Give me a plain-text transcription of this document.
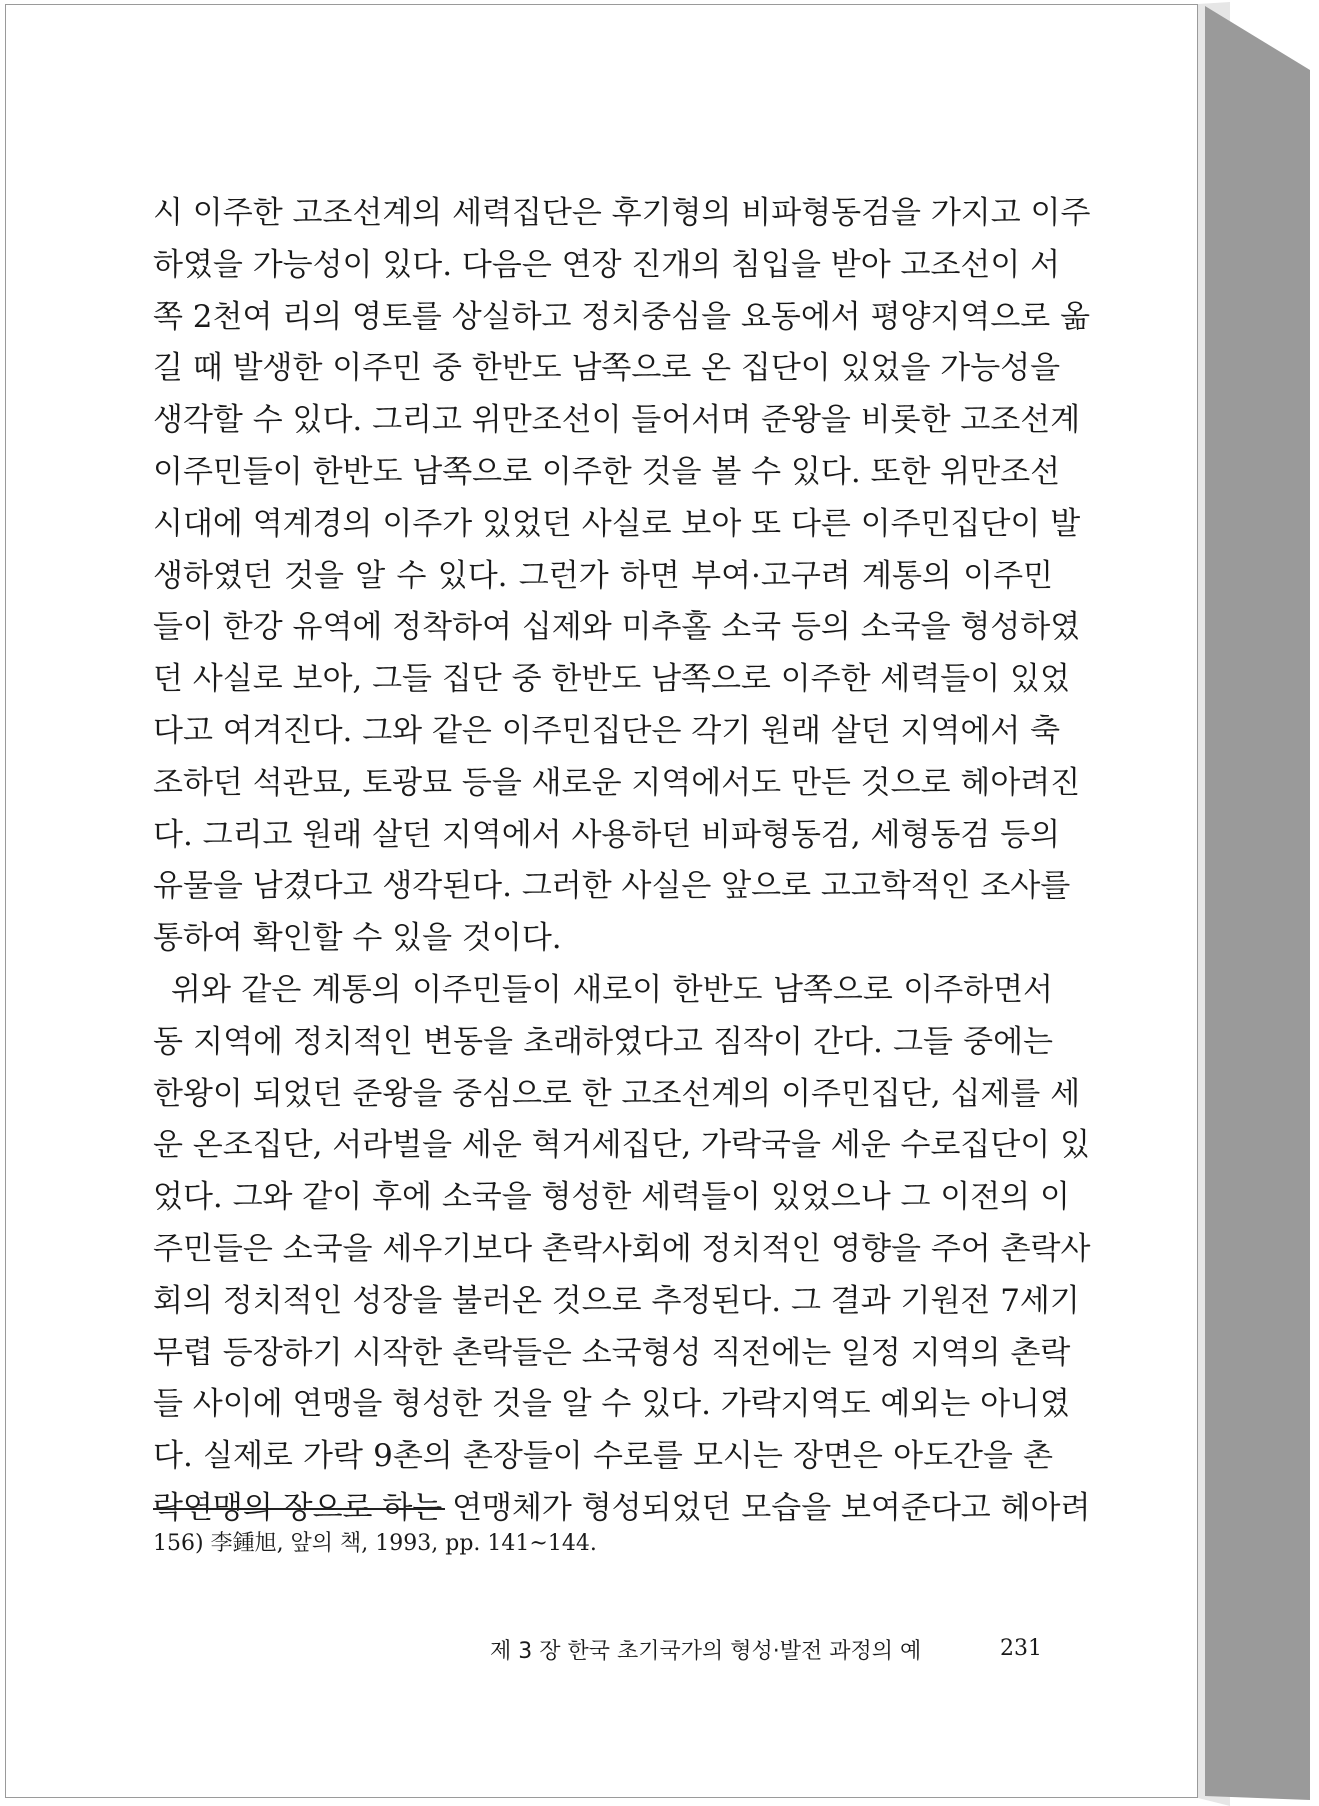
시 이주한 고조선계의 세력집단은 후기형의 비파형동검을 가지고 이주
하였을 가능성이 있다. 다음은 연장 진개의 침입을 받아 고조선이 서
쪽 2천여 리의 영토를 상실하고 정치중심을 요동에서 평양지역으로 옮
길 때 발생한 이주민 중 한반도 남쪽으로 온 집단이 있었을 가능성을
생각할 수 있다. 그리고 위만조선이 들어서며 준왕을 비롯한 고조선계
이주민들이 한반도 남쪽으로 이주한 것을 볼 수 있다. 또한 위만조선
시대에 역계경의 이주가 있었던 사실로 보아 또 다른 이주민집단이 발
생하였던 것을 알 수 있다. 그런가 하면 부여·고구려 계통의 이주민
들이 한강 유역에 정착하여 십제와 미추홀 소국 등의 소국을 형성하였
던 사실로 보아, 그들 집단 중 한반도 남쪽으로 이주한 세력들이 있었
다고 여겨진다. 그와 같은 이주민집단은 각기 원래 살던 지역에서 축
조하던 석관묘, 토광묘 등을 새로운 지역에서도 만든 것으로 헤아려진
다. 그리고 원래 살던 지역에서 사용하던 비파형동검, 세형동검 등의
유물을 남겼다고 생각된다. 그러한 사실은 앞으로 고고학적인 조사를
통하여 확인할 수 있을 것이다.
위와 같은 계통의 이주민들이 새로이 한반도 남쪽으로 이주하면서
동 지역에 정치적인 변동을 초래하였다고 짐작이 간다. 그들 중에는
한왕이 되었던 준왕을 중심으로 한 고조선계의 이주민집단, 십제를 세
운 온조집단, 서라벌을 세운 혁거세집단, 가락국을 세운 수로집단이 있
었다. 그와 같이 후에 소국을 형성한 세력들이 있었으나 그 이전의 이
주민들은 소국을 세우기보다 촌락사회에 정치적인 영향을 주어 촌락사
회의 정치적인 성장을 불러온 것으로 추정된다. 그 결과 기원전 7세기
무렵 등장하기 시작한 촌락들은 소국형성 직전에는 일정 지역의 촌락
들 사이에 연맹을 형성한 것을 알 수 있다. 가락지역도 예외는 아니였
다. 실제로 가락 9촌의 촌장들이 수로를 모시는 장면은 아도간을 촌
락연맹의 장으로 하는 연맹체가 형성되었던 모습을 보여준다고 헤아려
156) 李鍾旭, 앞의 책, 1993, pp. 141~144.
제 3 장 한국 초기국가의 형성·발전 과정의 예	231
